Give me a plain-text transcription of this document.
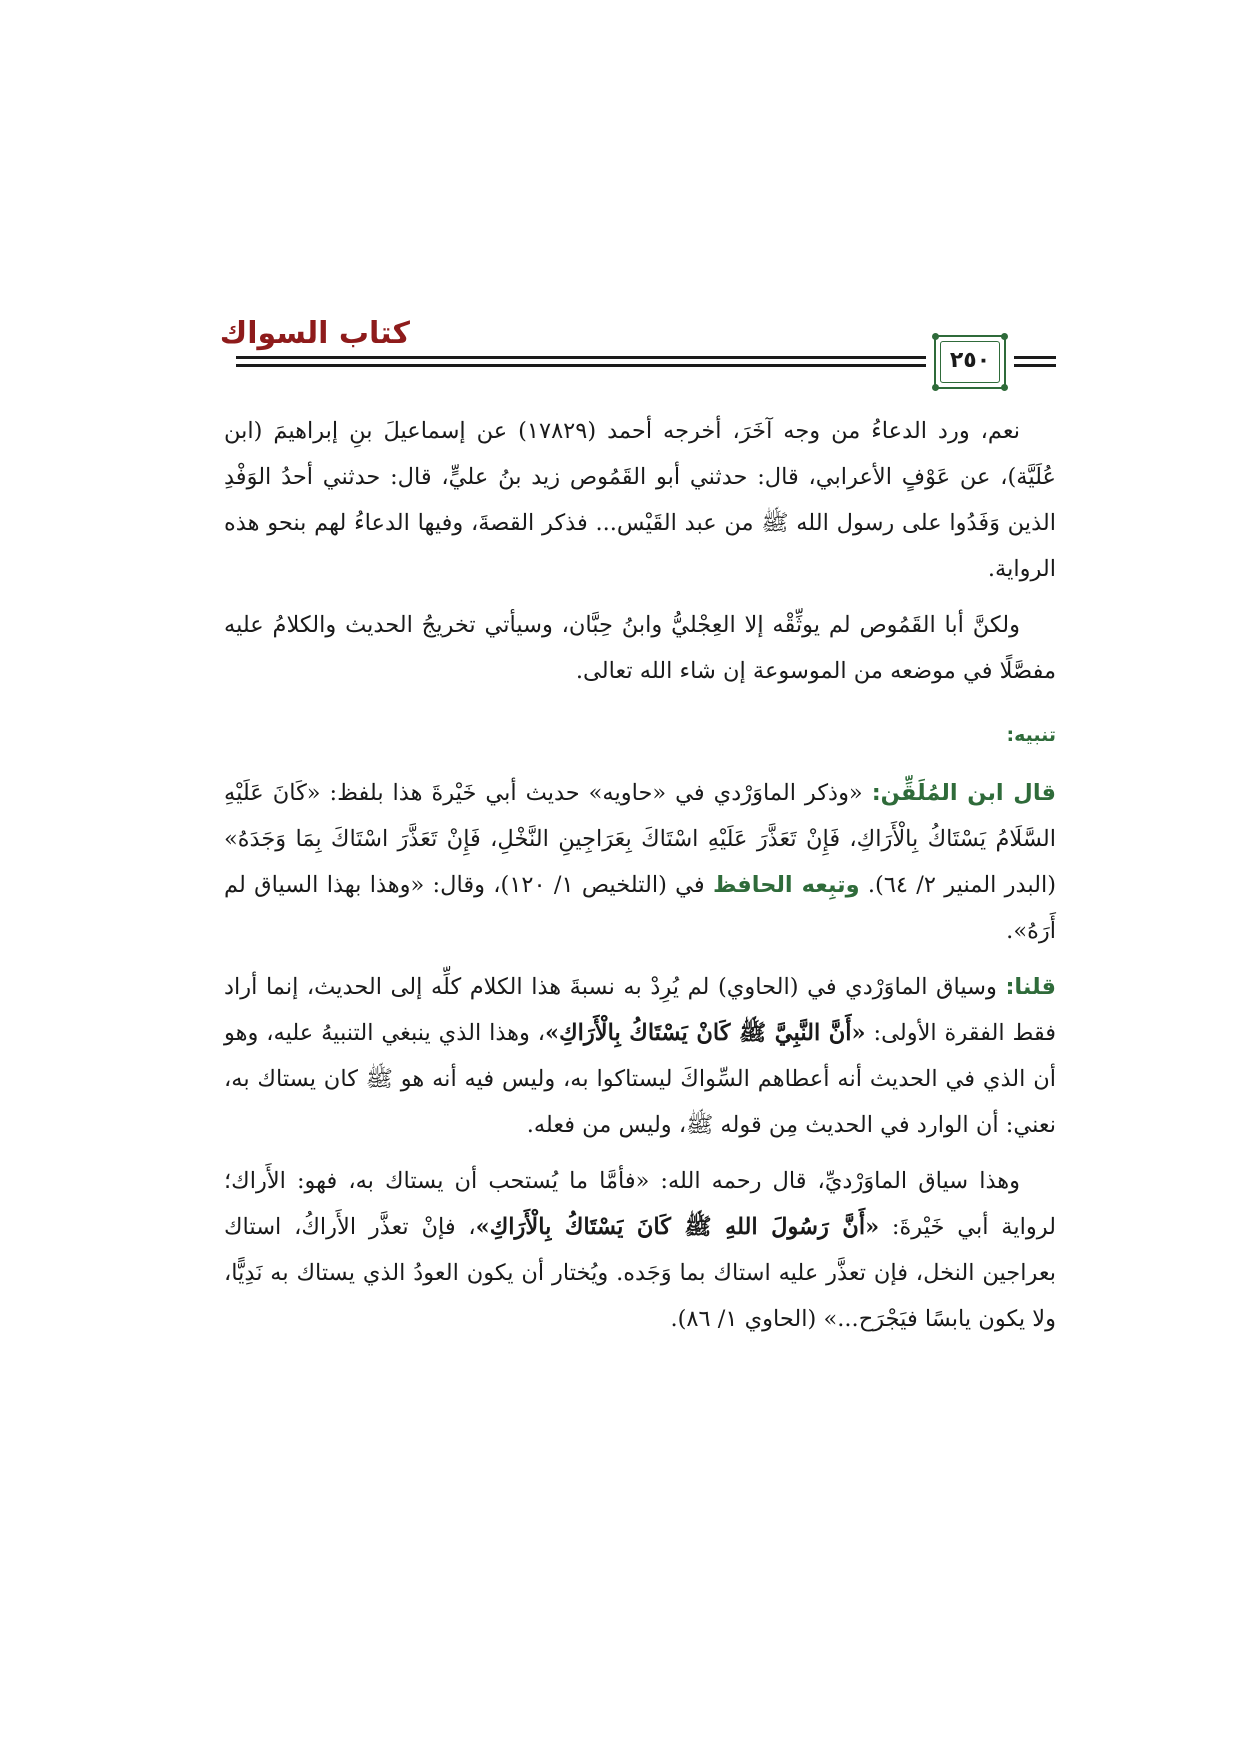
كتاب السواك
٢٥٠

نعم، ورد الدعاءُ من وجه آخَرَ، أخرجه أحمد (١٧٨٢٩) عن إسماعيلَ بنِ إبراهيمَ (ابن عُلَيَّة)، عن عَوْفٍ الأعرابي، قال: حدثني أبو القَمُوص زيد بنُ عليٍّ، قال: حدثني أحدُ الوَفْدِ الذين وَفَدُوا على رسول الله ﷺ من عبد القَيْس... فذكر القصةَ، وفيها الدعاءُ لهم بنحو هذه الرواية.

ولكنَّ أبا القَمُوص لم يوثِّقْه إلا العِجْليُّ وابنُ حِبَّان، وسيأتي تخريجُ الحديث والكلامُ عليه مفصَّلًا في موضعه من الموسوعة إن شاء الله تعالى.

تنبيه:

قال ابن المُلَقِّن: «وذكر الماوَرْدي في «حاويه» حديث أبي خَيْرةَ هذا بلفظ: «كَانَ عَلَيْهِ السَّلَامُ يَسْتَاكُ بِالْأَرَاكِ، فَإِنْ تَعَذَّرَ عَلَيْهِ اسْتَاكَ بِعَرَاجِينِ النَّخْلِ، فَإِنْ تَعَذَّرَ اسْتَاكَ بِمَا وَجَدَهُ» (البدر المنير ٢/ ٦٤). وتبِعه الحافظ في (التلخيص ١/ ١٢٠)، وقال: «وهذا بهذا السياق لم أَرَهُ».

قلنا: وسياق الماوَرْدي في (الحاوي) لم يُرِدْ به نسبةَ هذا الكلام كلِّه إلى الحديث، إنما أراد فقط الفقرة الأولى: «أَنَّ النَّبِيَّ ﷺ كَانْ يَسْتَاكُ بِالْأَرَاكِ»، وهذا الذي ينبغي التنبيهُ عليه، وهو أن الذي في الحديث أنه أعطاهم السِّواكَ ليستاكوا به، وليس فيه أنه هو ﷺ كان يستاك به، نعني: أن الوارد في الحديث مِن قوله ﷺ، وليس من فعله.

وهذا سياق الماوَرْديِّ، قال رحمه الله: «فأمَّا ما يُستحب أن يستاك به، فهو: الأَراك؛ لرواية أبي خَيْرةَ: «أَنَّ رَسُولَ اللهِ ﷺ كَانَ يَسْتَاكُ بِالْأَرَاكِ»، فإنْ تعذَّر الأَراكُ، استاك بعراجين النخل، فإن تعذَّر عليه استاك بما وَجَده. ويُختار أن يكون العودُ الذي يستاك به نَدِيًّا، ولا يكون يابسًا فيَجْرَح...» (الحاوي ١/ ٨٦).
